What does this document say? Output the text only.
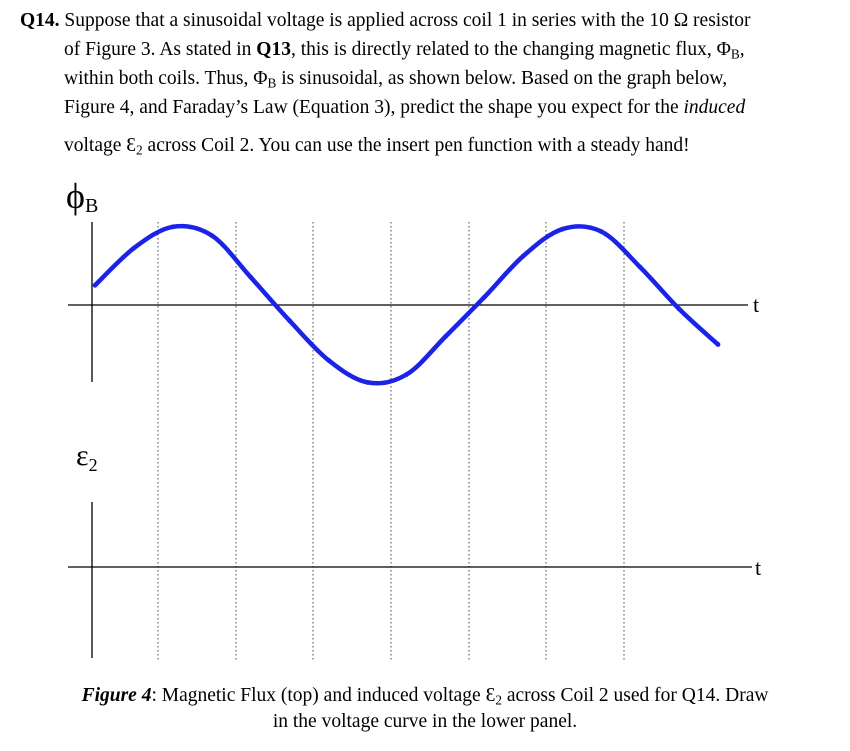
Q14. Suppose that a sinusoidal voltage is applied across coil 1 in series with the 10 Ω resistor
of Figure 3. As stated in Q13, this is directly related to the changing magnetic flux, $\Phi_B$,
within both coils. Thus, $\Phi_B$ is sinusoidal, as shown below. Based on the graph below,
Figure 4, and Faraday’s Law (Equation 3), predict the shape you expect for the induced
voltage $Ɛ_2$ across Coil 2. You can use the insert pen function with a steady hand!
ϕB
t
$\varepsilon_2$
t
Figure 4: Magnetic Flux (top) and induced voltage $Ɛ_2$ across Coil 2 used for Q14. Draw
in the voltage curve in the lower panel.
